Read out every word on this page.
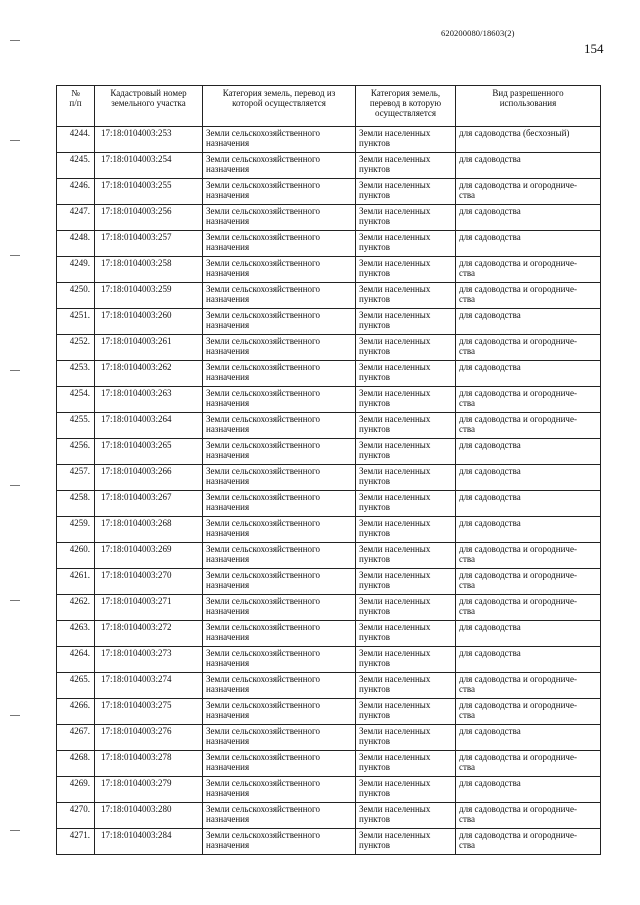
620200080/18603(2)
154
№
п/п	Кадастровый номер
земельного участка	Категория земель, перевод из
которой осуществляется	Категория земель,
перевод в которую
осуществляется	Вид разрешенного
использования

4244.	17:18:0104003:253	Земли сельскохозяйственного
назначения	Земли населенных
пунктов	для садоводства (бесхозный)

4245.	17:18:0104003:254	Земли сельскохозяйственного
назначения	Земли населенных
пунктов	для садоводства

4246.	17:18:0104003:255	Земли сельскохозяйственного
назначения	Земли населенных
пунктов	для садоводства и огородниче-
ства

4247.	17:18:0104003:256	Земли сельскохозяйственного
назначения	Земли населенных
пунктов	для садоводства

4248.	17:18:0104003:257	Земли сельскохозяйственного
назначения	Земли населенных
пунктов	для садоводства

4249.	17:18:0104003:258	Земли сельскохозяйственного
назначения	Земли населенных
пунктов	для садоводства и огородниче-
ства

4250.	17:18:0104003:259	Земли сельскохозяйственного
назначения	Земли населенных
пунктов	для садоводства и огородниче-
ства

4251.	17:18:0104003:260	Земли сельскохозяйственного
назначения	Земли населенных
пунктов	для садоводства

4252.	17:18:0104003:261	Земли сельскохозяйственного
назначения	Земли населенных
пунктов	для садоводства и огородниче-
ства

4253.	17:18:0104003:262	Земли сельскохозяйственного
назначения	Земли населенных
пунктов	для садоводства

4254.	17:18:0104003:263	Земли сельскохозяйственного
назначения	Земли населенных
пунктов	для садоводства и огородниче-
ства

4255.	17:18:0104003:264	Земли сельскохозяйственного
назначения	Земли населенных
пунктов	для садоводства и огородниче-
ства

4256.	17:18:0104003:265	Земли сельскохозяйственного
назначения	Земли населенных
пунктов	для садоводства

4257.	17:18:0104003:266	Земли сельскохозяйственного
назначения	Земли населенных
пунктов	для садоводства

4258.	17:18:0104003:267	Земли сельскохозяйственного
назначения	Земли населенных
пунктов	для садоводства

4259.	17:18:0104003:268	Земли сельскохозяйственного
назначения	Земли населенных
пунктов	для садоводства

4260.	17:18:0104003:269	Земли сельскохозяйственного
назначения	Земли населенных
пунктов	для садоводства и огородниче-
ства

4261.	17:18:0104003:270	Земли сельскохозяйственного
назначения	Земли населенных
пунктов	для садоводства и огородниче-
ства

4262.	17:18:0104003:271	Земли сельскохозяйственного
назначения	Земли населенных
пунктов	для садоводства и огородниче-
ства

4263.	17:18:0104003:272	Земли сельскохозяйственного
назначения	Земли населенных
пунктов	для садоводства

4264.	17:18:0104003:273	Земли сельскохозяйственного
назначения	Земли населенных
пунктов	для садоводства

4265.	17:18:0104003:274	Земли сельскохозяйственного
назначения	Земли населенных
пунктов	для садоводства и огородниче-
ства

4266.	17:18:0104003:275	Земли сельскохозяйственного
назначения	Земли населенных
пунктов	для садоводства и огородниче-
ства

4267.	17:18:0104003:276	Земли сельскохозяйственного
назначения	Земли населенных
пунктов	для садоводства

4268.	17:18:0104003:278	Земли сельскохозяйственного
назначения	Земли населенных
пунктов	для садоводства и огородниче-
ства

4269.	17:18:0104003:279	Земли сельскохозяйственного
назначения	Земли населенных
пунктов	для садоводства

4270.	17:18:0104003:280	Земли сельскохозяйственного
назначения	Земли населенных
пунктов	для садоводства и огородниче-
ства

4271.	17:18:0104003:284	Земли сельскохозяйственного
назначения	Земли населенных
пунктов	для садоводства и огородниче-
ства
